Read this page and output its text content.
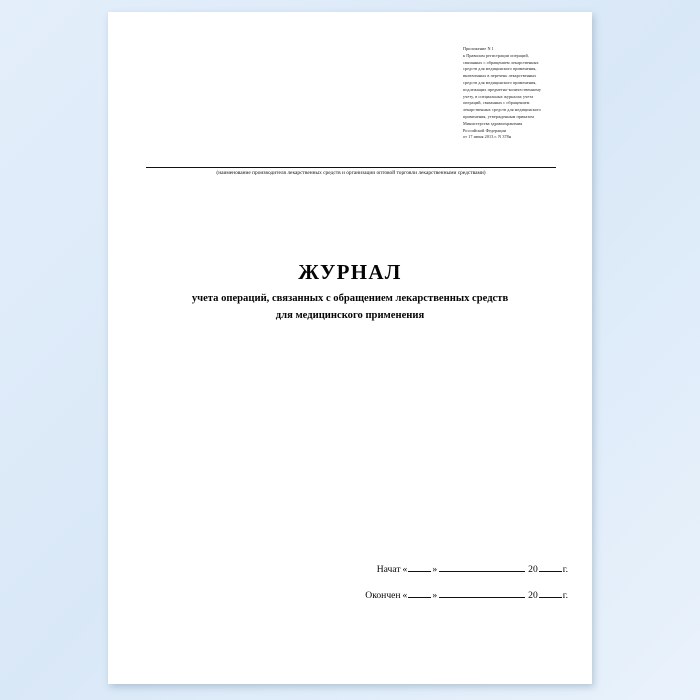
Приложение N 1
к Правилам регистрации операций,
связанных с обращением лекарственных
средств для медицинского применения,
включенных в перечень лекарственных
средств для медицинского применения,
подлежащих предметно-количественному
учету, в специальных журналах учета
операций, связанных с обращением
лекарственных средств для медицинского
применения, утвержденным приказом
Министерства здравоохранения
Российской Федерации
от 17 июня 2013 г. N 378н
(наименование производителя лекарственных средств и организации оптовой торговли лекарственными средствами)
ЖУРНАЛ
учета операций, связанных с обращением лекарственных средств
для медицинского применения
Начат «	»	20	г.
Окончен «	»	20	г.
